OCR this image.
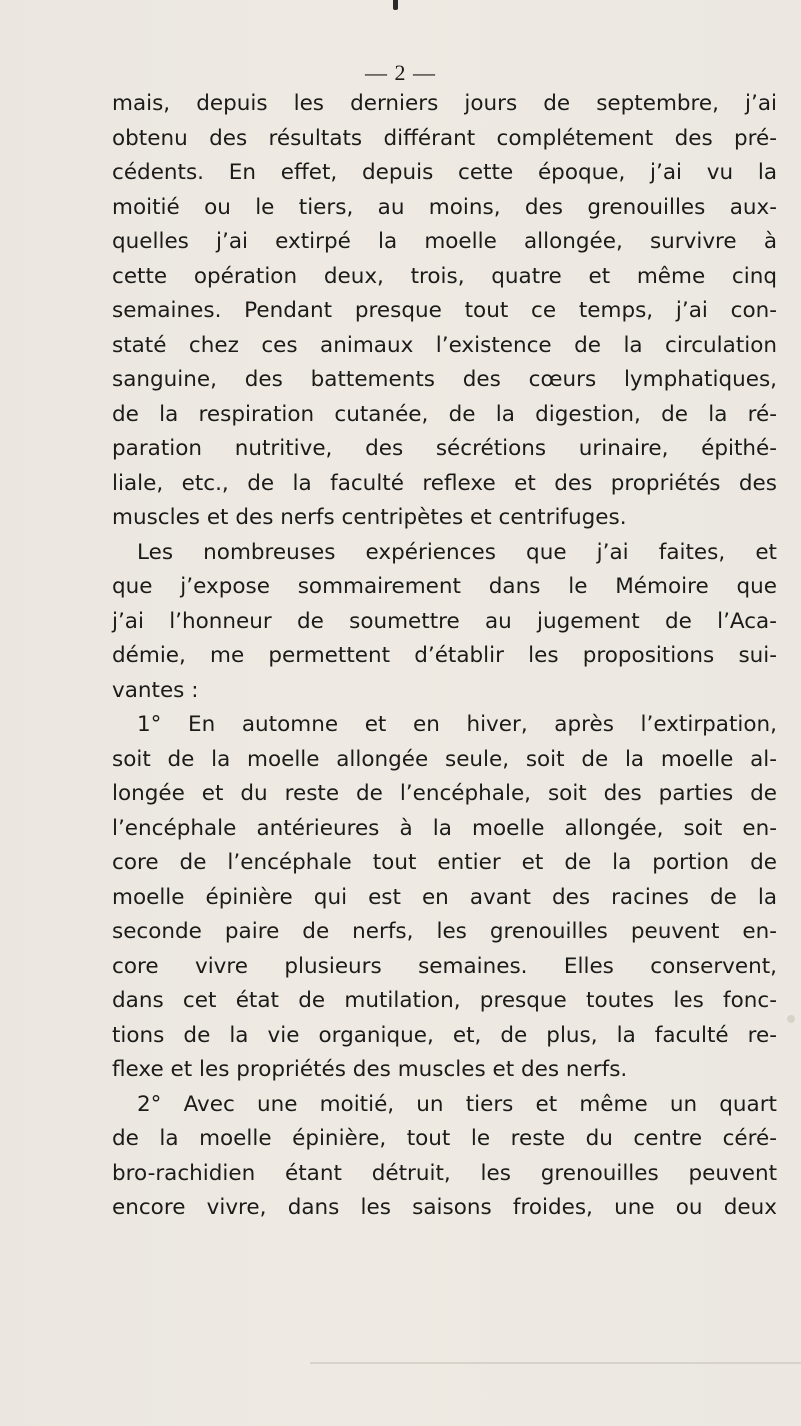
— 2 —
mais, depuis les derniers jours de septembre, j’ai
obtenu des résultats différant complétement des pré-
cédents. En effet, depuis cette époque, j’ai vu la
moitié ou le tiers, au moins, des grenouilles aux-
quelles j’ai extirpé la moelle allongée, survivre à
cette opération deux, trois, quatre et même cinq
semaines. Pendant presque tout ce temps, j’ai con-
staté chez ces animaux l’existence de la circulation
sanguine, des battements des cœurs lymphatiques,
de la respiration cutanée, de la digestion, de la ré-
paration nutritive, des sécrétions urinaire, épithé-
liale, etc., de la faculté reflexe et des propriétés des
muscles et des nerfs centripètes et centrifuges.
Les nombreuses expériences que j’ai faites, et
que j’expose sommairement dans le Mémoire que
j’ai l’honneur de soumettre au jugement de l’Aca-
démie, me permettent d’établir les propositions sui-
vantes :
1° En automne et en hiver, après l’extirpation,
soit de la moelle allongée seule, soit de la moelle al-
longée et du reste de l’encéphale, soit des parties de
l’encéphale antérieures à la moelle allongée, soit en-
core de l’encéphale tout entier et de la portion de
moelle épinière qui est en avant des racines de la
seconde paire de nerfs, les grenouilles peuvent en-
core vivre plusieurs semaines. Elles conservent,
dans cet état de mutilation, presque toutes les fonc-
tions de la vie organique, et, de plus, la faculté re-
flexe et les propriétés des muscles et des nerfs.
2° Avec une moitié, un tiers et même un quart
de la moelle épinière, tout le reste du centre céré-
bro-rachidien étant détruit, les grenouilles peuvent
encore vivre, dans les saisons froides, une ou deux
